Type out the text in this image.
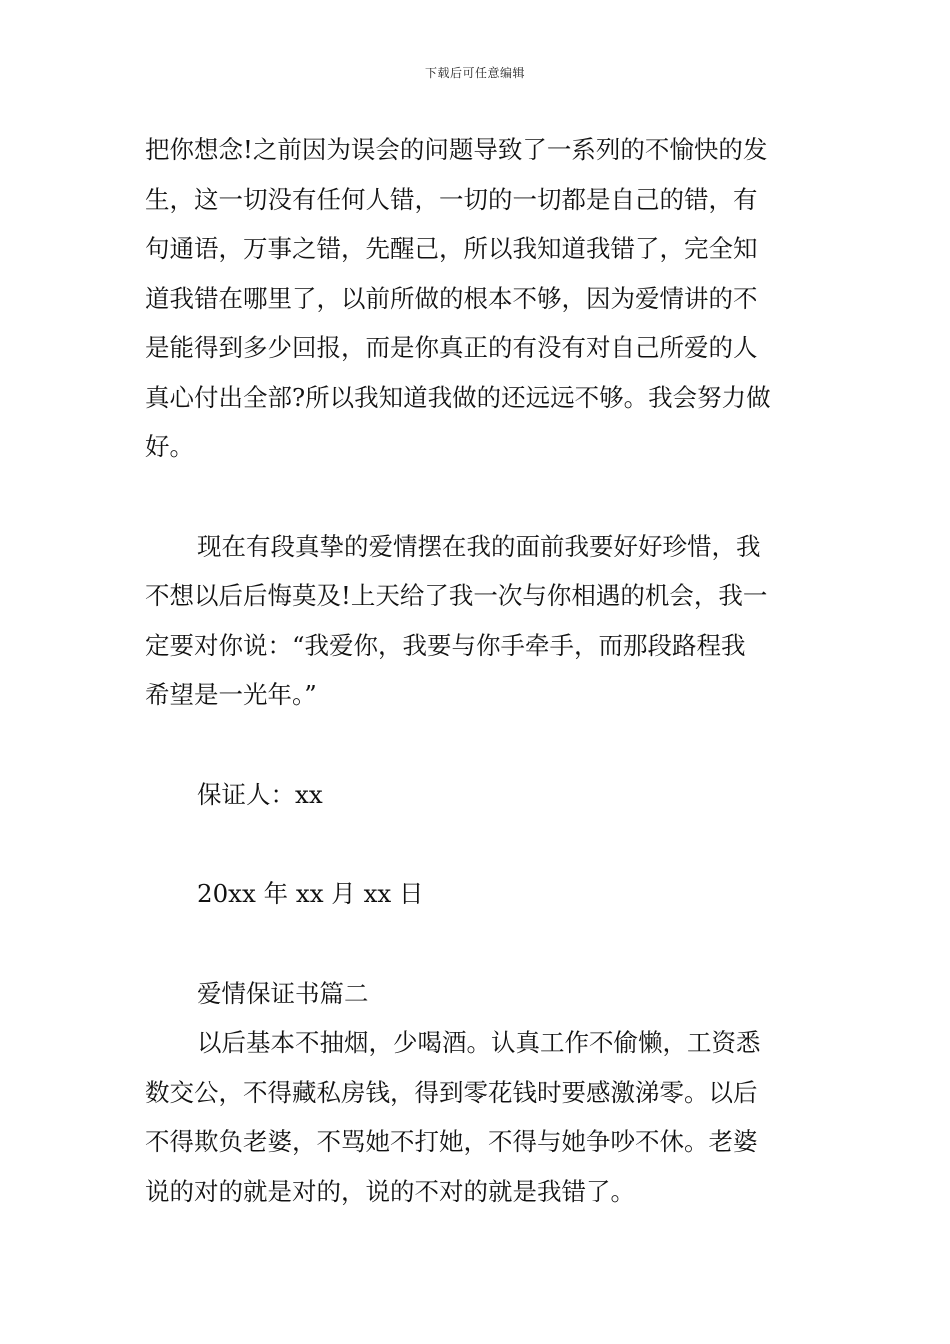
下载后可任意编辑
把你想念!之前因为误会的问题导致了一系列的不愉快的发
生，这一切没有任何人错，一切的一切都是自己的错，有
句通语，万事之错，先醒己，所以我知道我错了，完全知
道我错在哪里了，以前所做的根本不够，因为爱情讲的不
是能得到多少回报，而是你真正的有没有对自己所爱的人
真心付出全部?所以我知道我做的还远远不够。我会努力做
好。
现在有段真挚的爱情摆在我的面前我要好好珍惜，我
不想以后后悔莫及!上天给了我一次与你相遇的机会，我一
定要对你说：“我爱你，我要与你手牵手，而那段路程我
希望是一光年。”
保证人：xx
20xx 年 xx 月 xx 日
爱情保证书篇二
以后基本不抽烟，少喝酒。认真工作不偷懒，工资悉
数交公，不得藏私房钱，得到零花钱时要感激涕零。以后
不得欺负老婆，不骂她不打她，不得与她争吵不休。老婆
说的对的就是对的，说的不对的就是我错了。
